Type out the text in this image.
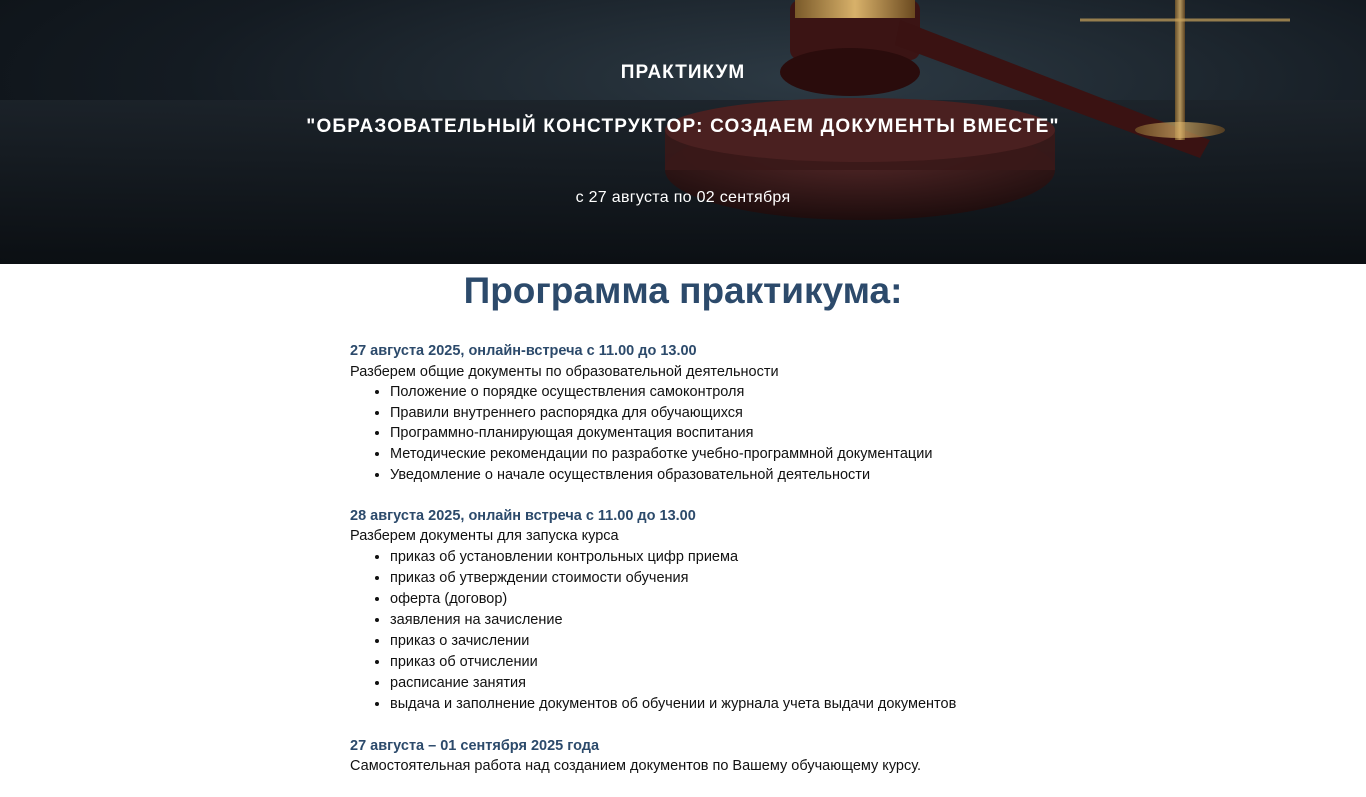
ПРАКТИКУМ
"ОБРАЗОВАТЕЛЬНЫЙ КОНСТРУКТОР: СОЗДАЕМ ДОКУМЕНТЫ ВМЕСТЕ"
с 27 августа по 02 сентября
Программа практикума:
27 августа 2025, онлайн-встреча с 11.00 до 13.00
Разберем общие документы по образовательной деятельности
• Положение о порядке осуществления самоконтроля
• Правили внутреннего распорядка для обучающихся
• Программно-планирующая документация воспитания
• Методические рекомендации по разработке учебно-программной документации
• Уведомление о начале осуществления образовательной деятельности
28 августа 2025, онлайн встреча с 11.00 до 13.00
Разберем документы для запуска курса
• приказ об установлении контрольных цифр приема
• приказ об утверждении стоимости обучения
• оферта (договор)
• заявления на зачисление
• приказ о зачислении
• приказ об отчислении
• расписание занятия
• выдача и заполнение документов об обучении и журнала учета выдачи документов
27 августа – 01 сентября 2025 года
Самостоятельная работа над созданием документов по Вашему обучающему курсу.
